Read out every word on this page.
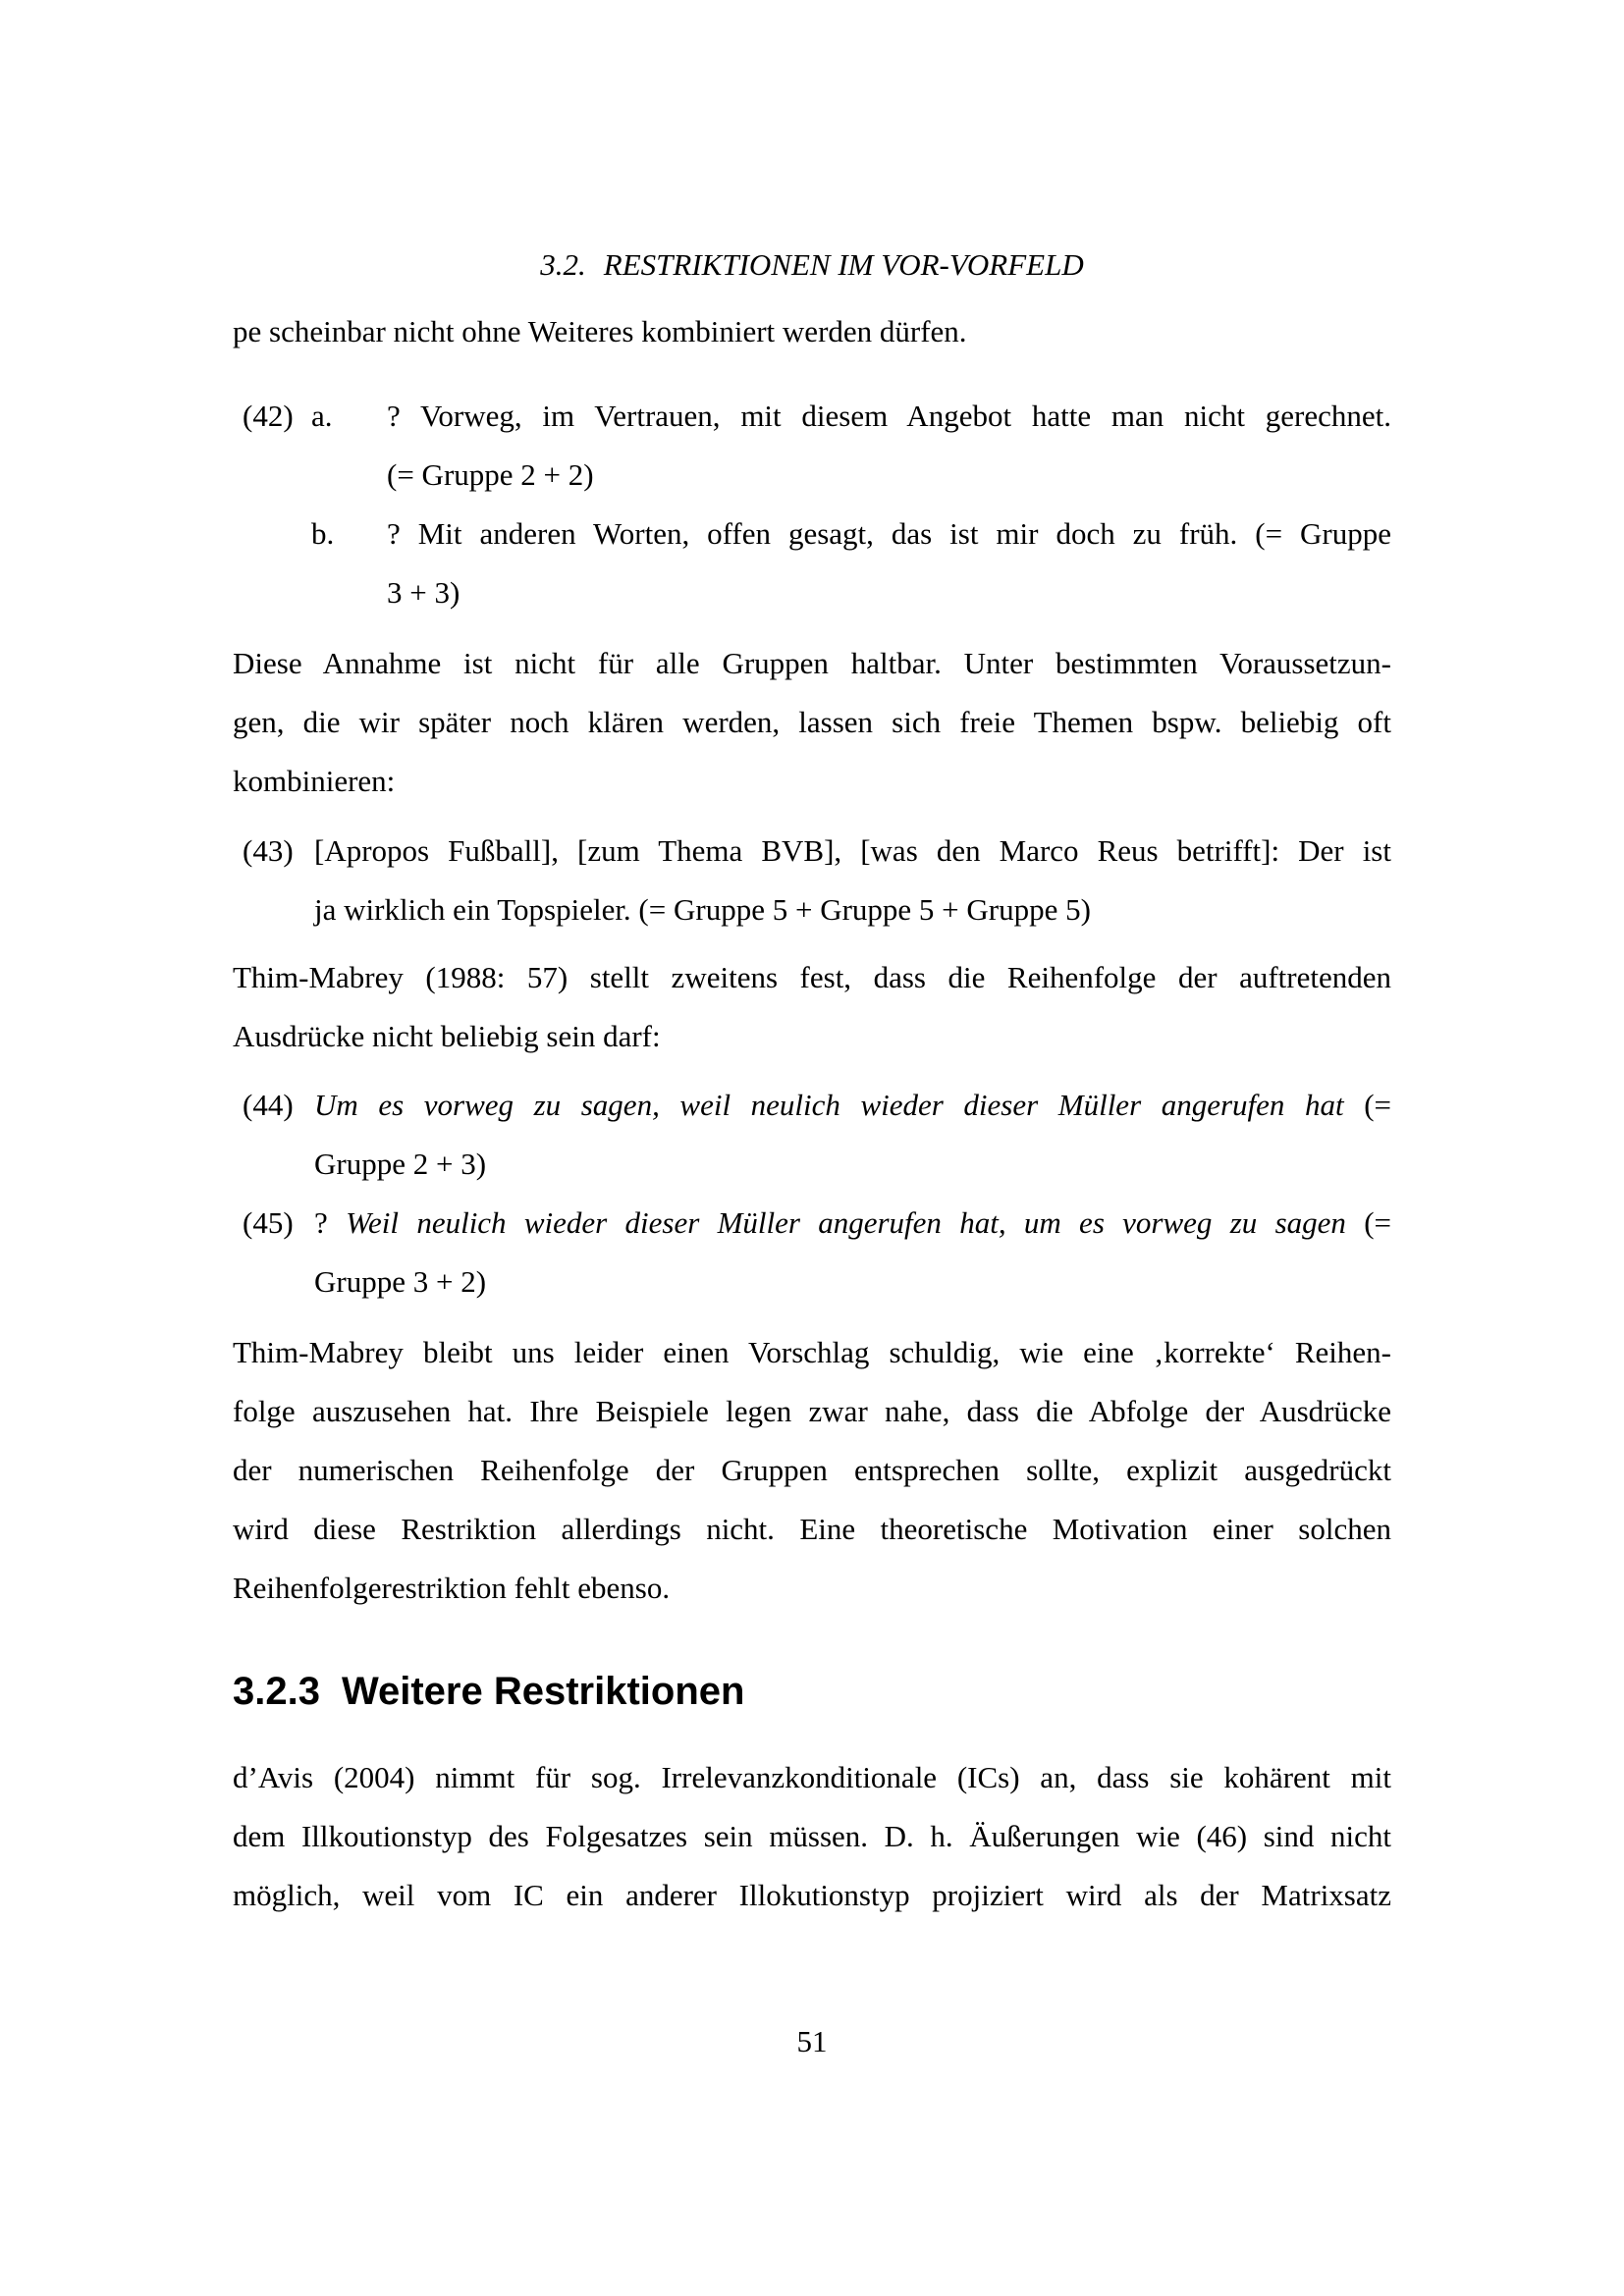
3.2. RESTRIKTIONEN IM VOR-VORFELD
pe scheinbar nicht ohne Weiteres kombiniert werden dürfen.
(42) a. ? Vorweg, im Vertrauen, mit diesem Angebot hatte man nicht gerechnet.
(= Gruppe 2 + 2)
b. ? Mit anderen Worten, offen gesagt, das ist mir doch zu früh. (= Gruppe
3 + 3)
Diese Annahme ist nicht für alle Gruppen haltbar. Unter bestimmten Voraussetzun-
gen, die wir später noch klären werden, lassen sich freie Themen bspw. beliebig oft
kombinieren:
(43) [Apropos Fußball], [zum Thema BVB], [was den Marco Reus betrifft]: Der ist
ja wirklich ein Topspieler. (= Gruppe 5 + Gruppe 5 + Gruppe 5)
Thim-Mabrey (1988: 57) stellt zweitens fest, dass die Reihenfolge der auftretenden
Ausdrücke nicht beliebig sein darf:
(44) Um es vorweg zu sagen, weil neulich wieder dieser Müller angerufen hat (=
Gruppe 2 + 3)
(45) ? Weil neulich wieder dieser Müller angerufen hat, um es vorweg zu sagen (=
Gruppe 3 + 2)
Thim-Mabrey bleibt uns leider einen Vorschlag schuldig, wie eine ‚korrekte‘ Reihen-
folge auszusehen hat. Ihre Beispiele legen zwar nahe, dass die Abfolge der Ausdrücke
der numerischen Reihenfolge der Gruppen entsprechen sollte, explizit ausgedrückt
wird diese Restriktion allerdings nicht. Eine theoretische Motivation einer solchen
Reihenfolgerestriktion fehlt ebenso.
3.2.3 Weitere Restriktionen
d’Avis (2004) nimmt für sog. Irrelevanzkonditionale (ICs) an, dass sie kohärent mit
dem Illkoutionstyp des Folgesatzes sein müssen. D. h. Äußerungen wie (46) sind nicht
möglich, weil vom IC ein anderer Illokutionstyp projiziert wird als der Matrixsatz
51
